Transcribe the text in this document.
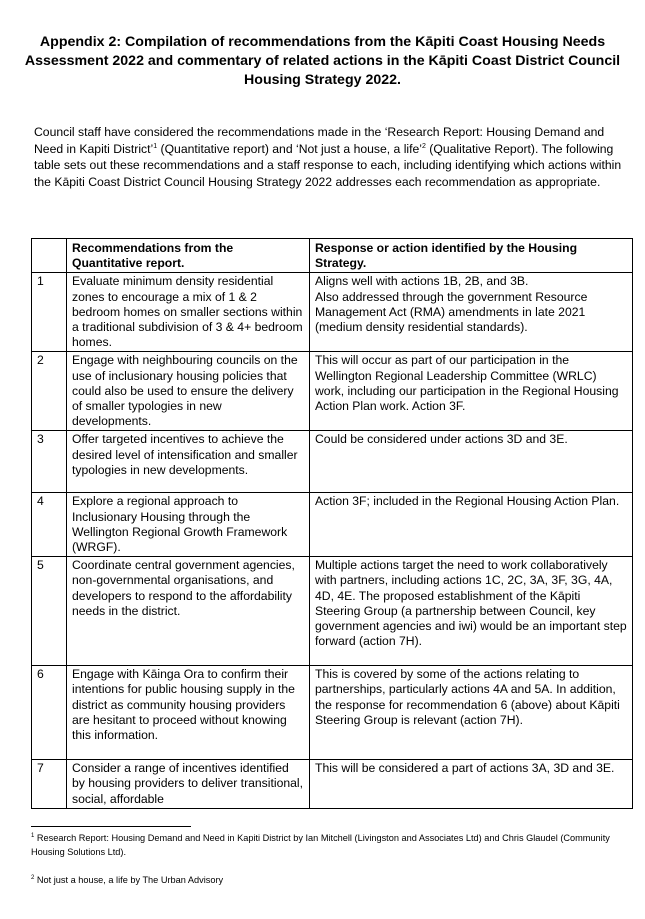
Appendix 2: Compilation of recommendations from the Kāpiti Coast Housing Needs Assessment 2022 and commentary of related actions in the Kāpiti Coast District Council Housing Strategy 2022.

Council staff have considered the recommendations made in the ‘Research Report: Housing Demand and Need in Kapiti District’$^1$ (Quantitative report) and ‘Not just a house, a life’$^2$ (Qualitative Report). The following table sets out these recommendations and a staff response to each, including identifying which actions within the Kāpiti Coast District Council Housing Strategy 2022 addresses each recommendation as appropriate.

	Recommendations from the Quantitative report.	Response or action identified by the Housing Strategy.
1	Evaluate minimum density residential zones to encourage a mix of 1 & 2 bedroom homes on smaller sections within a traditional subdivision of 3 & 4+ bedroom homes.	Aligns well with actions 1B, 2B, and 3B.
Also addressed through the government Resource Management Act (RMA) amendments in late 2021 (medium density residential standards).

2	Engage with neighbouring councils on the use of inclusionary housing policies that could also be used to ensure the delivery of smaller typologies in new developments.	This will occur as part of our participation in the Wellington Regional Leadership Committee (WRLC) work, including our participation in the Regional Housing Action Plan work. Action 3F.

3	Offer targeted incentives to achieve the desired level of intensification and smaller typologies in new developments.	Could be considered under actions 3D and 3E.

4	Explore a regional approach to Inclusionary Housing through the Wellington Regional Growth Framework (WRGF).	Action 3F; included in the Regional Housing Action Plan.

5	Coordinate central government agencies, non-governmental organisations, and developers to respond to the affordability needs in the district.	Multiple actions target the need to work collaboratively with partners, including actions 1C, 2C, 3A, 3F, 3G, 4A, 4D, 4E. The proposed establishment of the Kāpiti Steering Group (a partnership between Council, key government agencies and iwi) would be an important step forward (action 7H).

6	Engage with Kāinga Ora to confirm their intentions for public housing supply in the district as community housing providers are hesitant to proceed without knowing this information.	This is covered by some of the actions relating to partnerships, particularly actions 4A and 5A. In addition, the response for recommendation 6 (above) about Kāpiti Steering Group is relevant (action 7H).

7	Consider a range of incentives identified by housing providers to deliver transitional, social, affordable	This will be considered a part of actions 3A, 3D and 3E.
$^1$ Research Report: Housing Demand and Need in Kapiti District by Ian Mitchell (Livingston and Associates Ltd) and Chris Glaudel (Community Housing Solutions Ltd).
$^2$ Not just a house, a life by The Urban Advisory
